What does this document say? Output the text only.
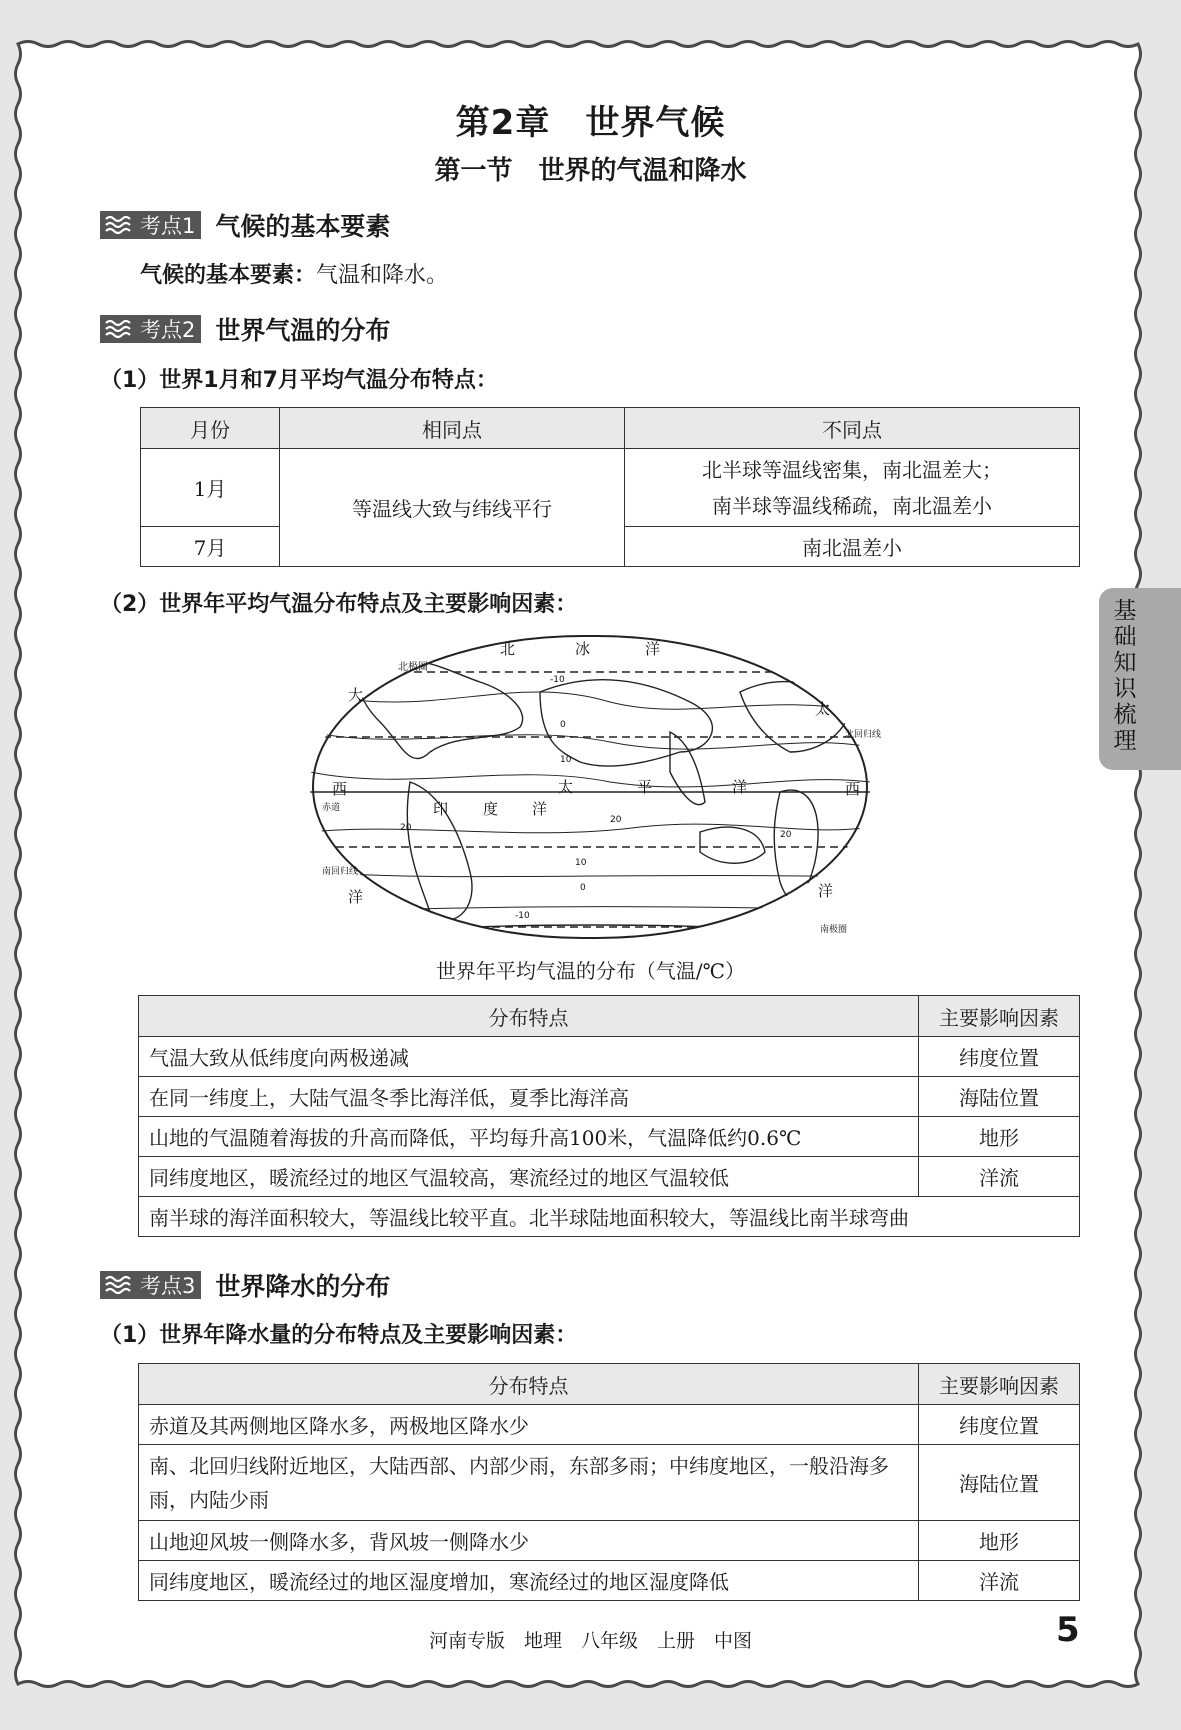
第2章　世界气候
第一节　世界的气温和降水
考点1 气候的基本要素
气候的基本要素：气温和降水。
考点2 世界气温的分布
（1）世界1月和7月平均气温分布特点：
月份	相同点	不同点
1月	等温线大致与纬线平行	北半球等温线密集，南北温差大；
南半球等温线稀疏，南北温差小

7月		南北温差小
（2）世界年平均气温分布特点及主要影响因素：
北	冰	洋
北极圈
大
太
北回归线
西	太	平	洋	西
赤道	印 度 洋
南回归线
洋	洋
南极圈
-10
0
10
20
20
20
10
0
-10
世界年平均气温的分布（气温/℃）
分布特点	主要影响因素
气温大致从低纬度向两极递减	纬度位置
在同一纬度上，大陆气温冬季比海洋低，夏季比海洋高	海陆位置
山地的气温随着海拔的升高而降低，平均每升高100米，气温降低约0.6℃	地形
同纬度地区，暖流经过的地区气温较高，寒流经过的地区气温较低	洋流
南半球的海洋面积较大，等温线比较平直。北半球陆地面积较大，等温线比南半球弯曲	
考点3 世界降水的分布
（1）世界年降水量的分布特点及主要影响因素：
分布特点	主要影响因素
赤道及其两侧地区降水多，两极地区降水少	纬度位置
南、北回归线附近地区，大陆西部、内部少雨，东部多雨；中纬度地区，一般沿海多雨，内陆少雨	海陆位置
山地迎风坡一侧降水多，背风坡一侧降水少	地形
同纬度地区，暖流经过的地区湿度增加，寒流经过的地区湿度降低	洋流
基础知识梳理
河南专版　地理　八年级　上册　中图	5
